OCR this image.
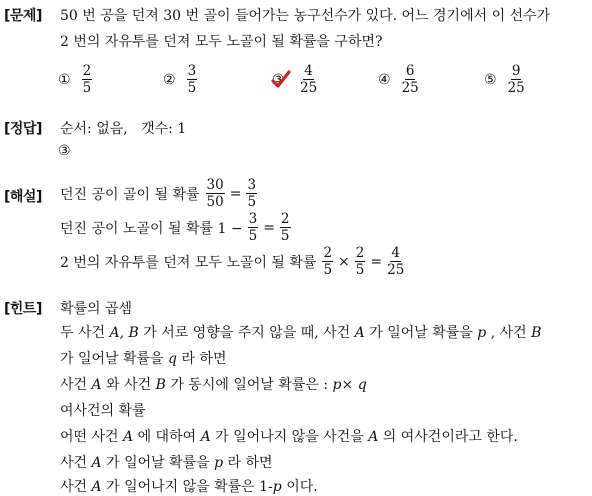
[문제] 50 번 공을 던져 30 번 골이 들어가는 농구선수가 있다. 어느 경기에서 이 선수가
2 번의 자유투를 던져 모두 노골이 될 확률을 구하면?
① $\frac{2}{5}$	② $\frac{3}{5}$	③	$\frac{4}{25}$	④ $\frac{6}{25}$	⑤ $\frac{9}{25}$
[정답] 순서: 없음,   갯수: 1
③
[해설] 던진 공이 골이 될 확률 $\frac{30}{50} = \frac{3}{5}$
던진 공이 노골이 될 확률 $1 - \frac{3}{5} = \frac{2}{5}$
2 번의 자유투를 던져 모두 노골이 될 확률 $\frac{2}{5} \times \frac{2}{5} = \frac{4}{25}$
[힌트] 확률의 곱셈
두 사건 A, B 가 서로 영향을 주지 않을 때, 사건 A 가 일어날 확률을 p , 사건 B
가 일어날 확률을 q 라 하면
사건 A 와 사건 B 가 동시에 일어날 확률은 : p× q
여사건의 확률
어떤 사건 A 에 대하여 A 가 일어나지 않을 사건을 A 의 여사건이라고 한다.
사건 A 가 일어날 확률을 p 라 하면
사건 A 가 일어나지 않을 확률은 1-p 이다.
